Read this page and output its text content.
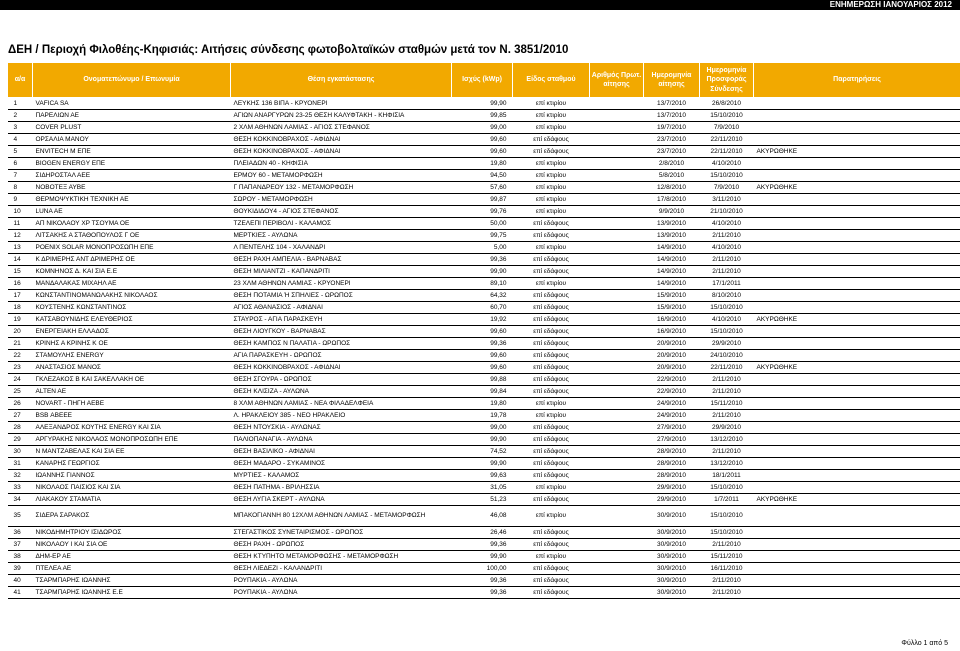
ΕΝΗΜΕΡΩΣΗ ΙΑΝΟΥΑΡΙΟΣ 2012
ΔΕΗ / Περιοχή Φιλοθέης-Κηφισιάς: Αιτήσεις σύνδεσης φωτοβολταϊκών σταθμών μετά τον Ν. 3851/2010
α/α	Ονοματεπώνυμο / Επωνυμία	Θέση εγκατάστασης	Ισχύς (kWp)	Είδος σταθμού	Αριθμός Πρωτ. αίτησης	Ημερομηνία αίτησης	Ημερομηνία Προσφοράς Σύνδεσης	Παρατηρήσεις
1	VAFICA SA	ΛΕΥΚΗΣ 136 ΒΙΠΑ - ΚΡΥΟΝΕΡΙ	99,90	επί κτιρίου		13/7/2010	26/8/2010	
2	ΠΑΡΕΛΙΩΝ ΑΕ	ΑΓΙΩΝ ΑΝΑΡΓΥΡΩΝ 23-25 ΘΕΣΗ ΚΑΛΥΦΤΑΚΗ - ΚΗΦΙΣΙΑ	99,85	επί κτιρίου		13/7/2010	15/10/2010	
3	COVER PLUST	2 ΧΛΜ ΑΘΗΝΩΝ ΛΑΜΙΑΣ - ΑΓΙΟΣ ΣΤΕΦΑΝΟΣ	99,00	επί κτιρίου		19/7/2010	7/9/2010	
4	ΟΡΣΑΛΙΑ ΜΑΝΟΥ	ΘΕΣΗ ΚΟΚΚΙΝΟΒΡΑΧΟΣ - ΑΦΙΔΝΑΙ	99,60	επί εδάφους		23/7/2010	22/11/2010	
5	ENVITECH M ΕΠΕ	ΘΕΣΗ ΚΟΚΚΙΝΟΒΡΑΧΟΣ - ΑΦΙΔΝΑΙ	99,60	επί εδάφους		23/7/2010	22/11/2010	ΑΚΥΡΩΘΗΚΕ
6	BIOGEN ENERGY ΕΠΕ	ΠΛΕΙΑΔΩΝ 40 - ΚΗΦΙΣΙΑ	19,80	επί κτιρίου		2/8/2010	4/10/2010	
7	ΣΙΔΗΡΟΣΤΑΛ ΑΕΕ	ΕΡΜΟΥ 60 - ΜΕΤΑΜΟΡΦΩΣΗ	94,50	επί κτιρίου		5/8/2010	15/10/2010	
8	ΝΟΒΟΤΕΞ ΑΥΒΕ	Γ ΠΑΠΑΝΔΡΕΟΥ 132 - ΜΕΤΑΜΟΡΦΩΣΗ	57,60	επί κτιρίου		12/8/2010	7/9/2010	ΑΚΥΡΩΘΗΚΕ
9	ΘΕΡΜΟΨΥΚΤΙΚΗ ΤΕΧΝΙΚΗ ΑΕ	ΣΩΡΟΥ - ΜΕΤΑΜΟΡΦΩΣΗ	99,87	επί κτιρίου		17/8/2010	3/11/2010	
10	LUNA AE	ΘΟΥΚΙΔΙΔΟΥ4 - ΑΓΙΟΣ ΣΤΕΦΑΝΟΣ	99,76	επί κτιρίου		9/9/2010	21/10/2010	
11	ΑΠ ΝΙΚΟΛΑΟΥ ΧΡ ΤΣΟΥΜΑ ΟΕ	ΤΖΕΛΕΠΙ ΠΕΡΙΒΟΛΙ - ΚΑΛΑΜΟΣ	50,00	επί εδάφους		13/9/2010	4/10/2010	
12	ΛΙΤΣΑΚΗΣ Α ΣΤΑΘΟΠΟΥΛΟΣ Γ ΟΕ	ΜΕΡΤΚΙΕΣ - ΑΥΛΩΝΑ	99,75	επί εδάφους		13/9/2010	2/11/2010	
13	POENIX SOLAR ΜΟΝΟΠΡΟΣΩΠΗ ΕΠΕ	Λ ΠΕΝΤΕΛΗΣ 104 - ΧΑΛΑΝΔΡΙ	5,00	επί κτιρίου		14/9/2010	4/10/2010	
14	Κ ΔΡΙΜΕΡΗΣ ΑΝΤ ΔΡΙΜΕΡΗΣ ΟΕ	ΘΕΣΗ ΡΑΧΗ ΑΜΠΕΛΙΑ - ΒΑΡΝΑΒΑΣ	99,36	επί εδάφους		14/9/2010	2/11/2010	
15	ΚΟΜΝΗΝΟΣ Δ. ΚΑΙ ΣΙΑ Ε.Ε	ΘΕΣΗ ΜΙΛΙΑΝΤΖΙ - ΚΑΠΑΝΔΡΙΤΙ	99,90	επί εδάφους		14/9/2010	2/11/2010	
16	ΜΑΝΔΑΛΑΚΑΣ ΜΙΧΑΗΛ ΑΕ	23 ΧΛΜ ΑΘΗΝΩΝ ΛΑΜΙΑΣ - ΚΡΥΟΝΕΡΙ	89,10	επί κτιρίου		14/9/2010	17/1/2011	
17	ΚΩΝΣΤΑΝΤΙΝΟΜΑΝΩΛΑΚΗΣ ΝΙΚΟΛΑΟΣ	ΘΕΣΗ ΠΟΤΑΜΙΑ Ή ΣΠΗΛΙΕΣ - ΩΡΩΠΟΣ	64,32	επί εδάφους		15/9/2010	8/10/2010	
18	ΚΟΥΣΤΕΝΗΣ ΚΩΝΣΤΑΝΤΙΝΟΣ	ΑΓΙΟΣ ΑΘΑΝΑΣΙΟΣ - ΑΦΙΔΝΑΙ	60,70	επί εδάφους		15/9/2010	15/10/2010	
19	ΚΑΤΣΑΒΟΥΝΙΔΗΣ ΕΛΕΥΘΕΡΙΟΣ	ΣΤΑΥΡΟΣ - ΑΓΙΑ ΠΑΡΑΣΚΕΥΗ	19,92	επί εδάφους		16/9/2010	4/10/2010	ΑΚΥΡΩΘΗΚΕ
20	ΕΝΕΡΓΕΙΑΚΗ ΕΛΛΑΔΟΣ	ΘΕΣΗ ΛΙΟΥΓΚΟΥ - ΒΑΡΝΑΒΑΣ	99,60	επί εδάφους		16/9/2010	15/10/2010	
21	ΚΡΙΝΗΣ Α ΚΡΙΝΗΣ Κ ΟΕ	ΘΕΣΗ ΚΑΜΠΟΣ Ν ΠΑΛΑΤΙΑ - ΩΡΩΠΟΣ	99,36	επί εδάφους		20/9/2010	29/9/2010	
22	ΣΤΑΜΟΥΛΗΣ ENERGY	ΑΓΙΑ ΠΑΡΑΣΚΕΥΗ - ΩΡΩΠΟΣ	99,60	επί εδάφους		20/9/2010	24/10/2010	
23	ΑΝΑΣΤΑΣΙΟΣ ΜΑΝΟΣ	ΘΕΣΗ ΚΟΚΚΙΝΟΒΡΑΧΟΣ - ΑΦΙΔΝΑΙ	99,60	επί εδάφους		20/9/2010	22/11/2010	ΑΚΥΡΩΘΗΚΕ
24	ΓΚΛΕΖΑΚΟΣ Β ΚΑΙ ΣΑΚΕΛΛΑΚΗ ΟΕ	ΘΕΣΗ ΣΓΟΥΡΑ - ΩΡΩΠΟΣ	99,88	επί εδάφους		22/9/2010	2/11/2010	
25	ALTEN AE	ΘΕΣΗ ΚΛΙΣΙΖΑ - ΑΥΛΩΝΑ	99,84	επί εδάφους		22/9/2010	2/11/2010	
26	NOVART - ΠΗΓΗ ΑΕΒΕ	8 ΧΛΜ ΑΘΗΝΩΝ ΛΑΜΙΑΣ - ΝΕΑ ΦΙΛΑΔΕΛΦΕΙΑ	19,80	επί κτιρίου		24/9/2010	15/11/2010	
27	BSB ΑΒΕΕΕ	Λ. ΗΡΑΚΛΕΙΟΥ 385 - ΝΕΟ ΗΡΑΚΛΕΙΟ	19,78	επί κτιρίου		24/9/2010	2/11/2010	
28	ΑΛΕΞΑΝΔΡΟΣ ΚΟΥΤΗΣ ENERGY ΚΑΙ ΣΙΑ	ΘΕΣΗ ΝΤΟΥΣΚΙΑ - ΑΥΛΩΝΑΣ	99,00	επί εδάφους		27/9/2010	29/9/2010	
29	ΑΡΓΥΡΑΚΗΣ ΝΙΚΟΛΑΟΣ ΜΟΝΟΠΡΟΣΩΠΗ ΕΠΕ	ΠΑΛΙΟΠΑΝΑΓΙΑ - ΑΥΛΩΝΑ	99,90	επί εδάφους		27/9/2010	13/12/2010	
30	Ν ΜΑΝΤΖΑΒΕΛΑΣ ΚΑΙ ΣΙΑ ΕΕ	ΘΕΣΗ ΒΑΣΙΛΙΚΟ - ΑΦΙΔΝΑΙ	74,52	επί εδάφους		28/9/2010	2/11/2010	
31	ΚΑΝΑΡΗΣ ΓΕΩΡΓΙΟΣ	ΘΕΣΗ ΜΑΔΑΡΟ - ΣΥΚΑΜΙΝΟΣ	99,90	επί εδάφους		28/9/2010	13/12/2010	
32	ΙΩΑΝΝΗΣ ΓΙΑΝΝΟΣ	ΜΥΡΤΙΕΣ - ΚΑΛΑΜΟΣ	99,63	επί εδάφους		28/9/2010	18/1/2011	
33	ΝΙΚΟΛΑΟΣ ΠΑΙΣΙΟΣ ΚΑΙ ΣΙΑ	ΘΕΣΗ ΠΑΤΗΜΑ - ΒΡΙΛΗΣΣΙΑ	31,05	επί κτιρίου		29/9/2010	15/10/2010	
34	ΛΙΑΚΑΚΟΥ ΣΤΑΜΑΤΙΑ	ΘΕΣΗ ΛΥΓΙΑ ΣΚΕΡΤ - ΑΥΛΩΝΑ	51,23	επί εδάφους		29/9/2010	1/7/2011	ΑΚΥΡΩΘΗΚΕ
35	ΣΙΔΕΡΑ ΣΑΡΑΚΟΣ	ΜΠΑΚΟΓΙΑΝΝΗ 80 12ΧΛΜ ΑΘΗΝΩΝ ΛΑΜΙΑΣ - ΜΕΤΑΜΟΡΦΩΣΗ	46,08	επί κτιρίου		30/9/2010	15/10/2010	
36	ΝΙΚΟΔΗΜΗΤΡΙΟΥ ΙΣΙΔΩΡΟΣ	ΣΤΕΓΑΣΤΙΚΟΣ ΣΥΝΕΤΑΙΡΙΣΜΟΣ - ΩΡΩΠΟΣ	26,46	επί εδάφους		30/9/2010	15/10/2010	
37	ΝΙΚΟΛΑΟΥ Ι ΚΑΙ ΣΙΑ ΟΕ	ΘΕΣΗ ΡΑΧΗ - ΩΡΩΠΟΣ	99,36	επί εδάφους		30/9/2010	2/11/2010	
38	ΔΗΜ-ΕΡ ΑΕ	ΘΕΣΗ ΚΤΥΠΗΤΟ ΜΕΤΑΜΟΡΦΩΣΗΣ - ΜΕΤΑΜΟΡΦΩΣΗ	99,90	επί κτιρίου		30/9/2010	15/11/2010	
39	ΠΤΕΛΕΑ ΑΕ	ΘΕΣΗ ΛΙΕΔΕΖΙ - ΚΑΛΑΝΔΡΙΤΙ	100,00	επί εδάφους		30/9/2010	16/11/2010	
40	ΤΣΑΡΜΠΑΡΗΣ ΙΩΑΝΝΗΣ	ΡΟΥΠΑΚΙΑ - ΑΥΛΩΝΑ	99,36	επί εδάφους		30/9/2010	2/11/2010	
41	ΤΣΑΡΜΠΑΡΗΣ ΙΩΑΝΝΗΣ Ε.Ε	ΡΟΥΠΑΚΙΑ - ΑΥΛΩΝΑ	99,36	επί εδάφους		30/9/2010	2/11/2010	
Φύλλο 1 από 5
